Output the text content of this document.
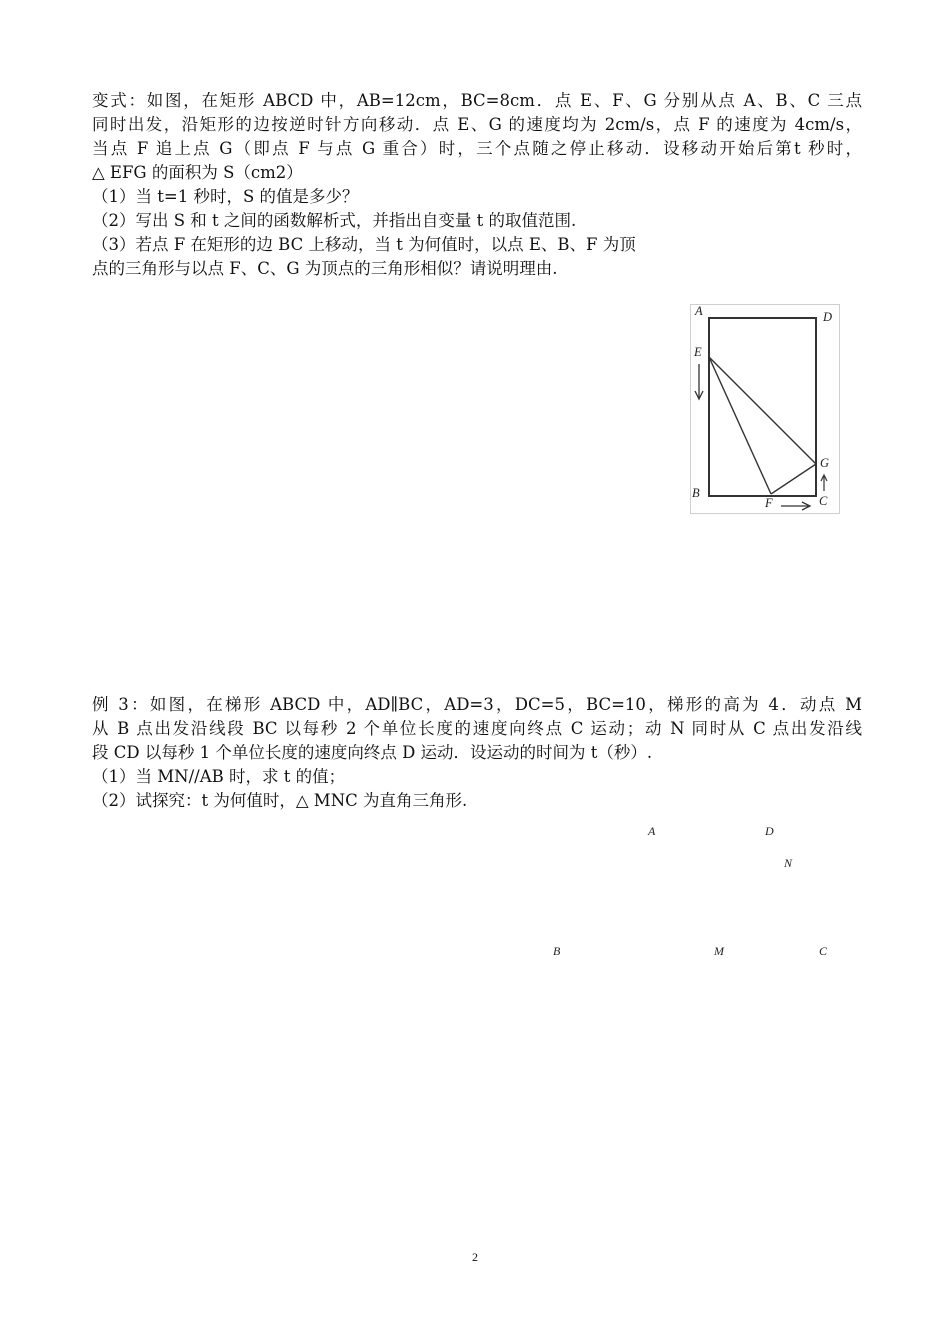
变式：如图，在矩形 ABCD 中，AB=12cm，BC=8cm．点 E、F、G 分别从点 A、B、C 三点
同时出发，沿矩形的边按逆时针方向移动．点 E、G 的速度均为 2cm/s，点 F 的速度为 4cm/s，
当点 F 追上点 G（即点 F 与点 G 重合）时，三个点随之停止移动．设移动开始后第t 秒时，
△ EFG 的面积为 S（cm2）
（1）当 t=1 秒时，S 的值是多少？
（2）写出 S 和 t 之间的函数解析式，并指出自变量 t 的取值范围.
（3）若点 F 在矩形的边 BC 上移动，当 t 为何值时，以点 E、B、F 为顶
点的三角形与以点 F、C、G 为顶点的三角形相似？请说明理由.
A	D
E
G
B
F	C
例 3：如图，在梯形 ABCD 中，AD∥BC，AD=3，DC=5，BC=10，梯形的高为 4．动点 M
从 B 点出发沿线段 BC 以每秒 2 个单位长度的速度向终点 C 运动；动 N 同时从 C 点出发沿线
段 CD 以每秒 1 个单位长度的速度向终点 D 运动．设运动的时间为 t（秒）.
（1）当 MN//AB 时，求 t 的值；
（2）试探究：t 为何值时，△ MNC 为直角三角形.
A	D
N
B	M	C
2
